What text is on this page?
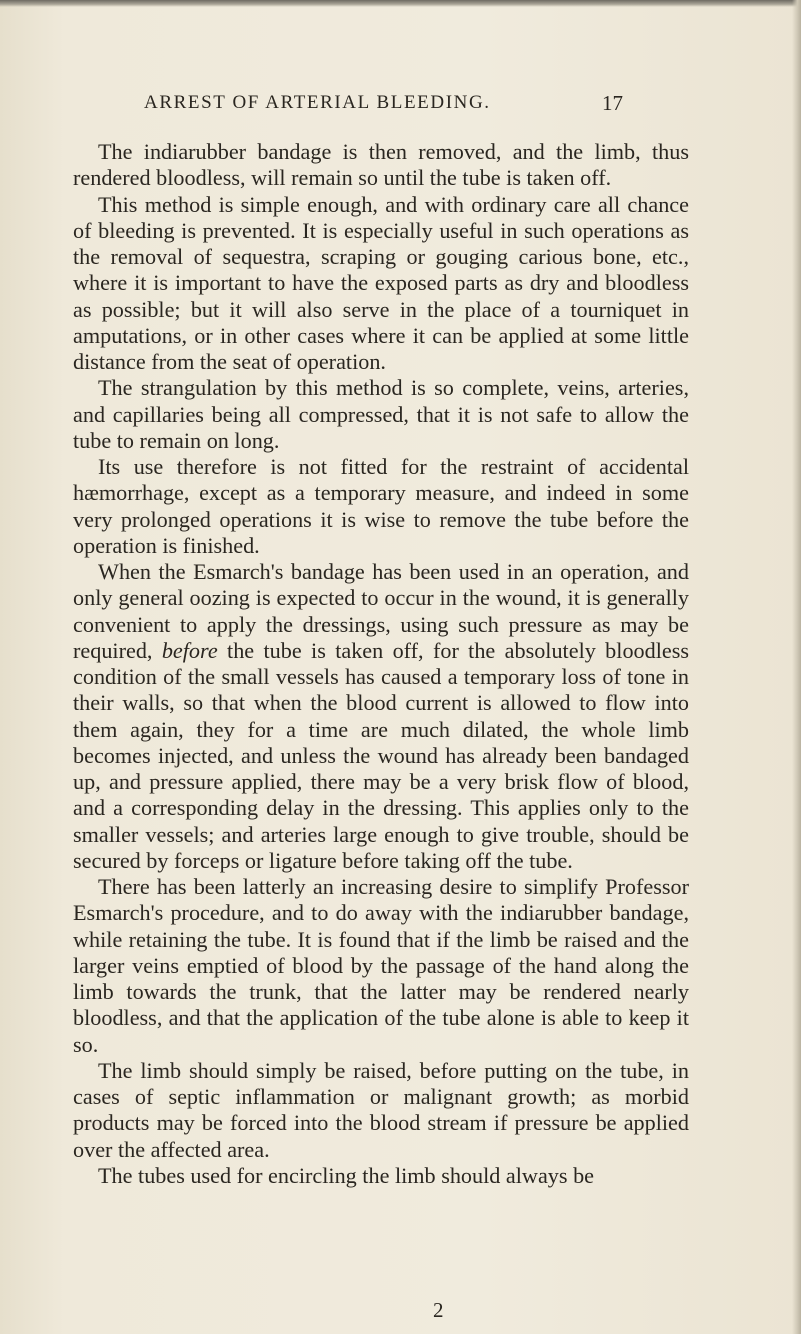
ARREST OF ARTERIAL BLEEDING.	17

The indiarubber bandage is then removed, and the limb, thus rendered bloodless, will remain so until the tube is taken off.

This method is simple enough, and with ordinary care all chance of bleeding is prevented. It is especially useful in such operations as the removal of sequestra, scraping or gouging carious bone, etc., where it is important to have the exposed parts as dry and bloodless as possible; but it will also serve in the place of a tourniquet in amputations, or in other cases where it can be applied at some little distance from the seat of operation.

The strangulation by this method is so complete, veins, arteries, and capillaries being all compressed, that it is not safe to allow the tube to remain on long.

Its use therefore is not fitted for the restraint of accidental hæmorrhage, except as a temporary measure, and indeed in some very prolonged operations it is wise to remove the tube before the operation is finished.

When the Esmarch's bandage has been used in an operation, and only general oozing is expected to occur in the wound, it is generally convenient to apply the dressings, using such pressure as may be required, before the tube is taken off, for the absolutely bloodless condition of the small vessels has caused a temporary loss of tone in their walls, so that when the blood current is allowed to flow into them again, they for a time are much dilated, the whole limb becomes injected, and unless the wound has already been bandaged up, and pressure applied, there may be a very brisk flow of blood, and a corresponding delay in the dressing. This applies only to the smaller vessels; and arteries large enough to give trouble, should be secured by forceps or ligature before taking off the tube.

There has been latterly an increasing desire to simplify Professor Esmarch's procedure, and to do away with the indiarubber bandage, while retaining the tube. It is found that if the limb be raised and the larger veins emptied of blood by the passage of the hand along the limb towards the trunk, that the latter may be rendered nearly bloodless, and that the application of the tube alone is able to keep it so.

The limb should simply be raised, before putting on the tube, in cases of septic inflammation or malignant growth; as morbid products may be forced into the blood stream if pressure be applied over the affected area.

The tubes used for encircling the limb should always be

2
